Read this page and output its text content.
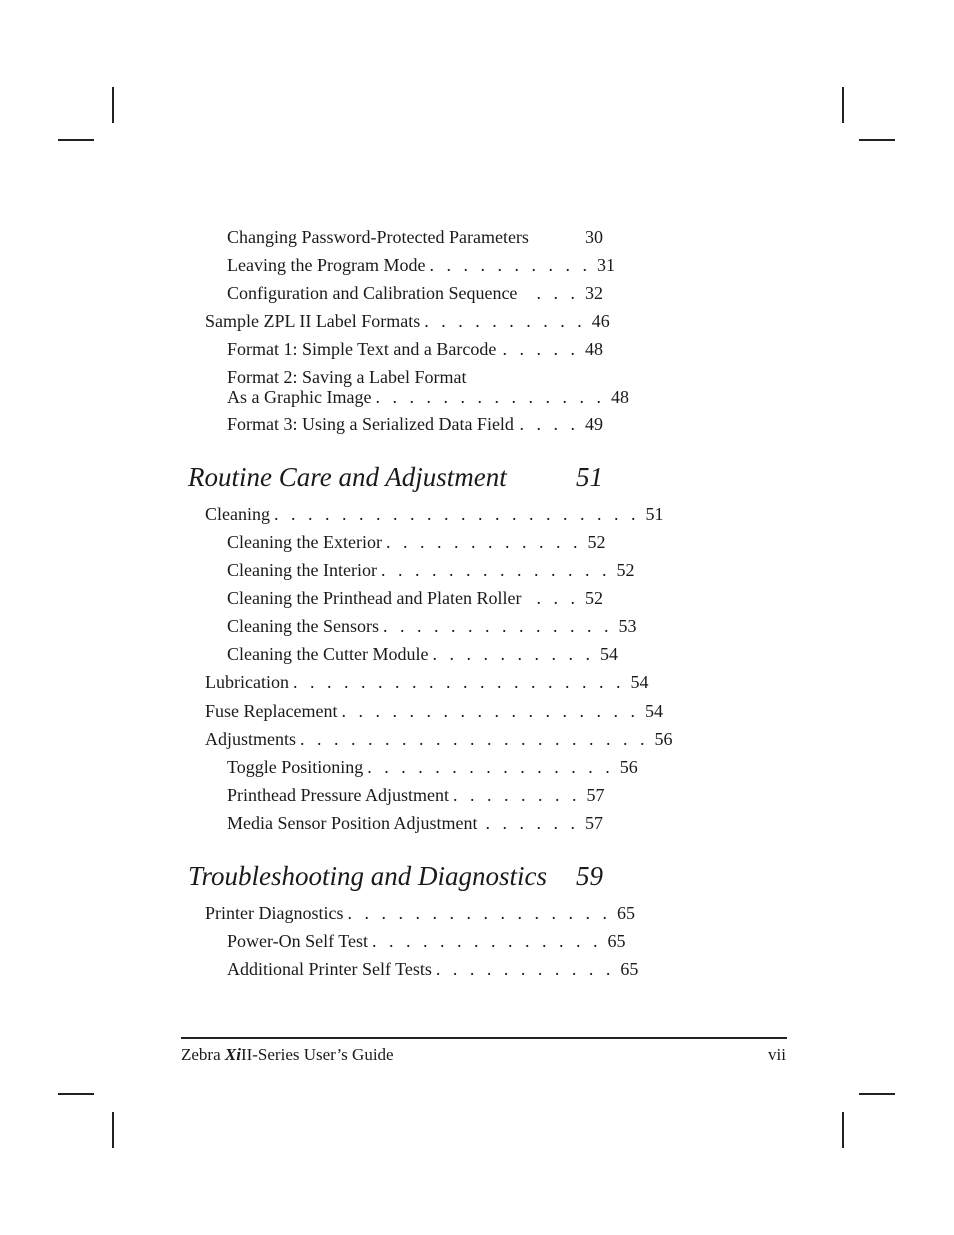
Changing Password-Protected Parameters	30
Leaving the Program Mode . . . . . . . . . . 31
Configuration and Calibration Sequence	. . . 32
Sample ZPL II Label Formats . . . . . . . . . . 46
Format 1: Simple Text and a Barcode . . . . . 48
Format 2: Saving a Label Format
As a Graphic Image . . . . . . . . . . . . . . 48
Format 3: Using a Serialized Data Field . . . . 49
Routine Care and Adjustment	51
Cleaning . . . . . . . . . . . . . . . . . . . . . . 51
Cleaning the Exterior . . . . . . . . . . . . 52
Cleaning the Interior . . . . . . . . . . . . . . 52
Cleaning the Printhead and Platen Roller . . . 52
Cleaning the Sensors . . . . . . . . . . . . . . 53
Cleaning the Cutter Module . . . . . . . . . . 54
Lubrication . . . . . . . . . . . . . . . . . . . . 54
Fuse Replacement . . . . . . . . . . . . . . . . . . 54
Adjustments . . . . . . . . . . . . . . . . . . . . . 56
Toggle Positioning . . . . . . . . . . . . . . . 56
Printhead Pressure Adjustment . . . . . . . . 57
Media Sensor Position Adjustment . . . . . . 57
Troubleshooting and Diagnostics	59
Printer Diagnostics . . . . . . . . . . . . . . . . 65
Power-On Self Test . . . . . . . . . . . . . . 65
Additional Printer Self Tests . . . . . . . . . . . 65
Zebra XiII-Series User’s Guide	vii
